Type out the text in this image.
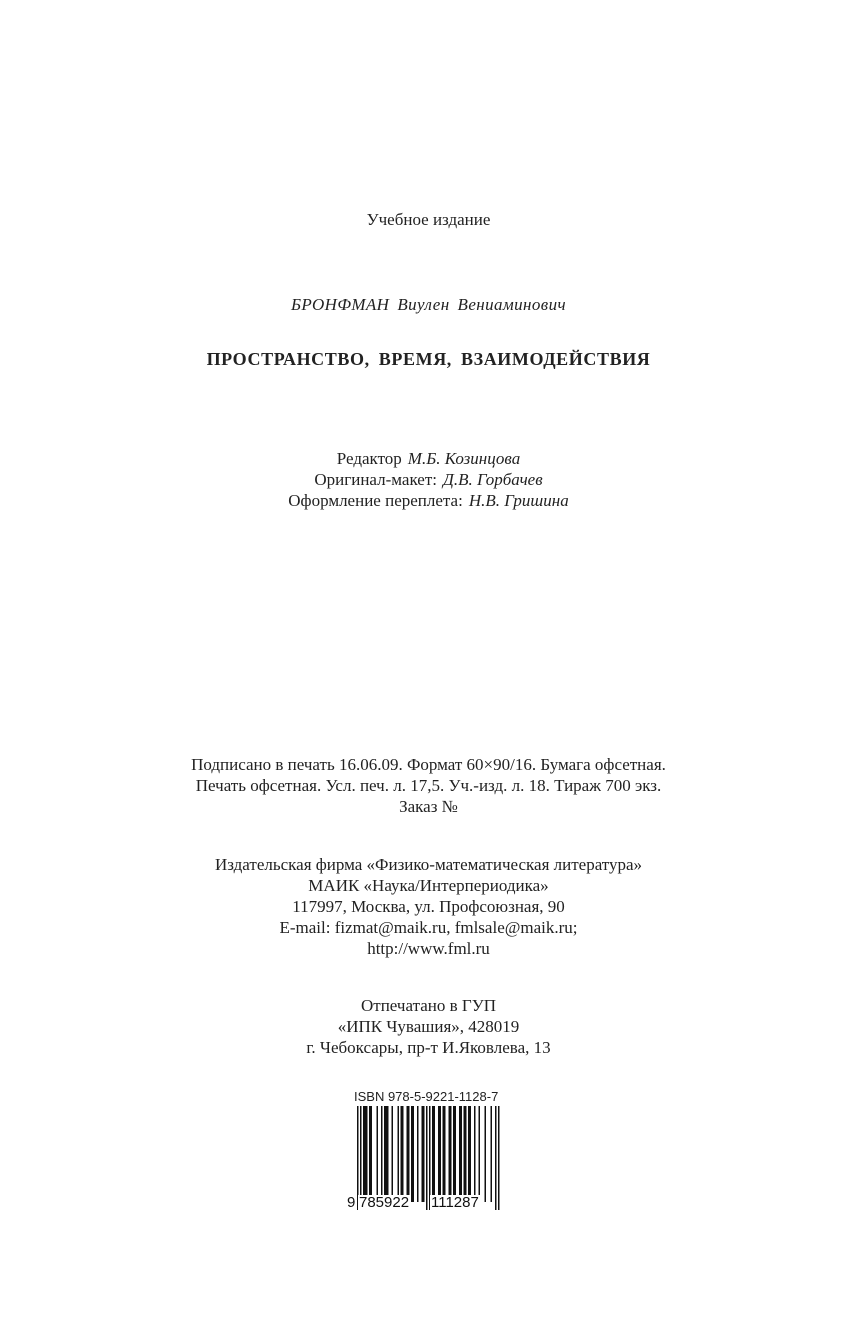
Учебное издание
БРОНФМАН Виулен Вениаминович
ПРОСТРАНСТВО, ВРЕМЯ, ВЗАИМОДЕЙСТВИЯ
Редактор М.Б. Козинцова
Оригинал-макет: Д.В. Горбачев
Оформление переплета: Н.В. Гришина
Подписано в печать 16.06.09. Формат 60×90/16. Бумага офсетная.
Печать офсетная. Усл. печ. л. 17,5. Уч.-изд. л. 18. Тираж 700 экз.
Заказ №
Издательская фирма «Физико-математическая литература»
МАИК «Наука/Интерпериодика»
117997, Москва, ул. Профсоюзная, 90
E-mail: fizmat@maik.ru, fmlsale@maik.ru;
http://www.fml.ru
Отпечатано в ГУП
«ИПК Чувашия», 428019
г. Чебоксары, пр-т И.Яковлева, 13
ISBN 978-5-9221-1128-7
9 785922 111287
